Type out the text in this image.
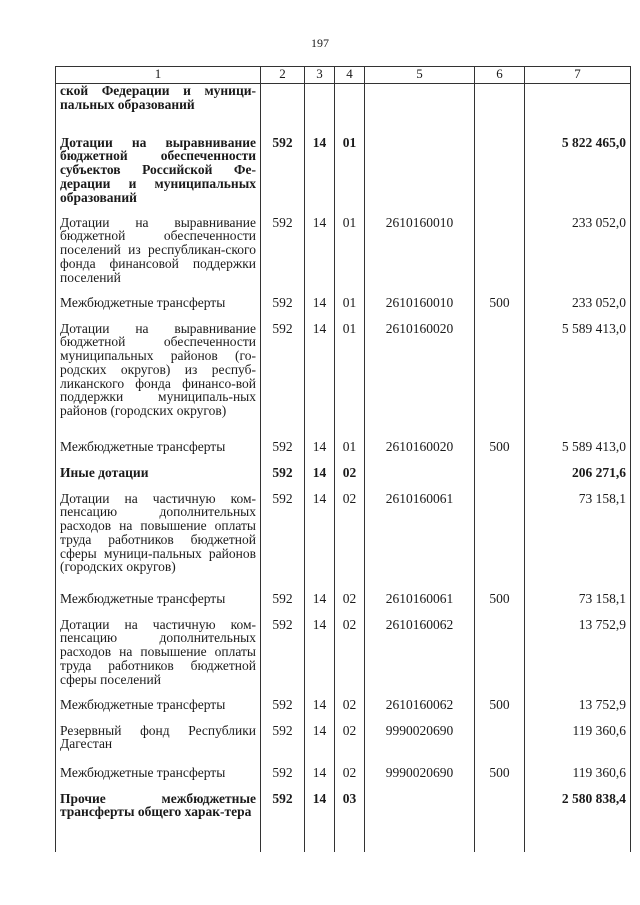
197
1	2	3	4	5	6	7
ской Федерации и муници-пальных образований						
Дотации на выравнивание бюджетной обеспеченности субъектов Российской Фе-дерации и муниципальных образований	592	14	01			5 822 465,0
Дотации на выравнивание бюджетной обеспеченности поселений из республикан-ского фонда финансовой поддержки поселений	592	14	01	2610160010		233 052,0
Межбюджетные трансферты	592	14	01	2610160010	500	233 052,0
Дотации на выравнивание бюджетной обеспеченности муниципальных районов (го-родских округов) из респуб-ликанского фонда финансо-вой поддержки муниципаль-ных районов (городских округов)	592	14	01	2610160020		5 589 413,0
Межбюджетные трансферты	592	14	01	2610160020	500	5 589 413,0
Иные дотации	592	14	02			206 271,6
Дотации на частичную ком-пенсацию дополнительных расходов на повышение оплаты труда работников бюджетной сферы муници-пальных районов (городских округов)	592	14	02	2610160061		73 158,1
Межбюджетные трансферты	592	14	02	2610160061	500	73 158,1
Дотации на частичную ком-пенсацию дополнительных расходов на повышение оплаты труда работников бюджетной сферы поселений	592	14	02	2610160062		13 752,9
Межбюджетные трансферты	592	14	02	2610160062	500	13 752,9
Резервный фонд Республики Дагестан	592	14	02	9990020690		119 360,6
Межбюджетные трансферты	592	14	02	9990020690	500	119 360,6
Прочие межбюджетные трансферты общего харак-тера	592	14	03			2 580 838,4
